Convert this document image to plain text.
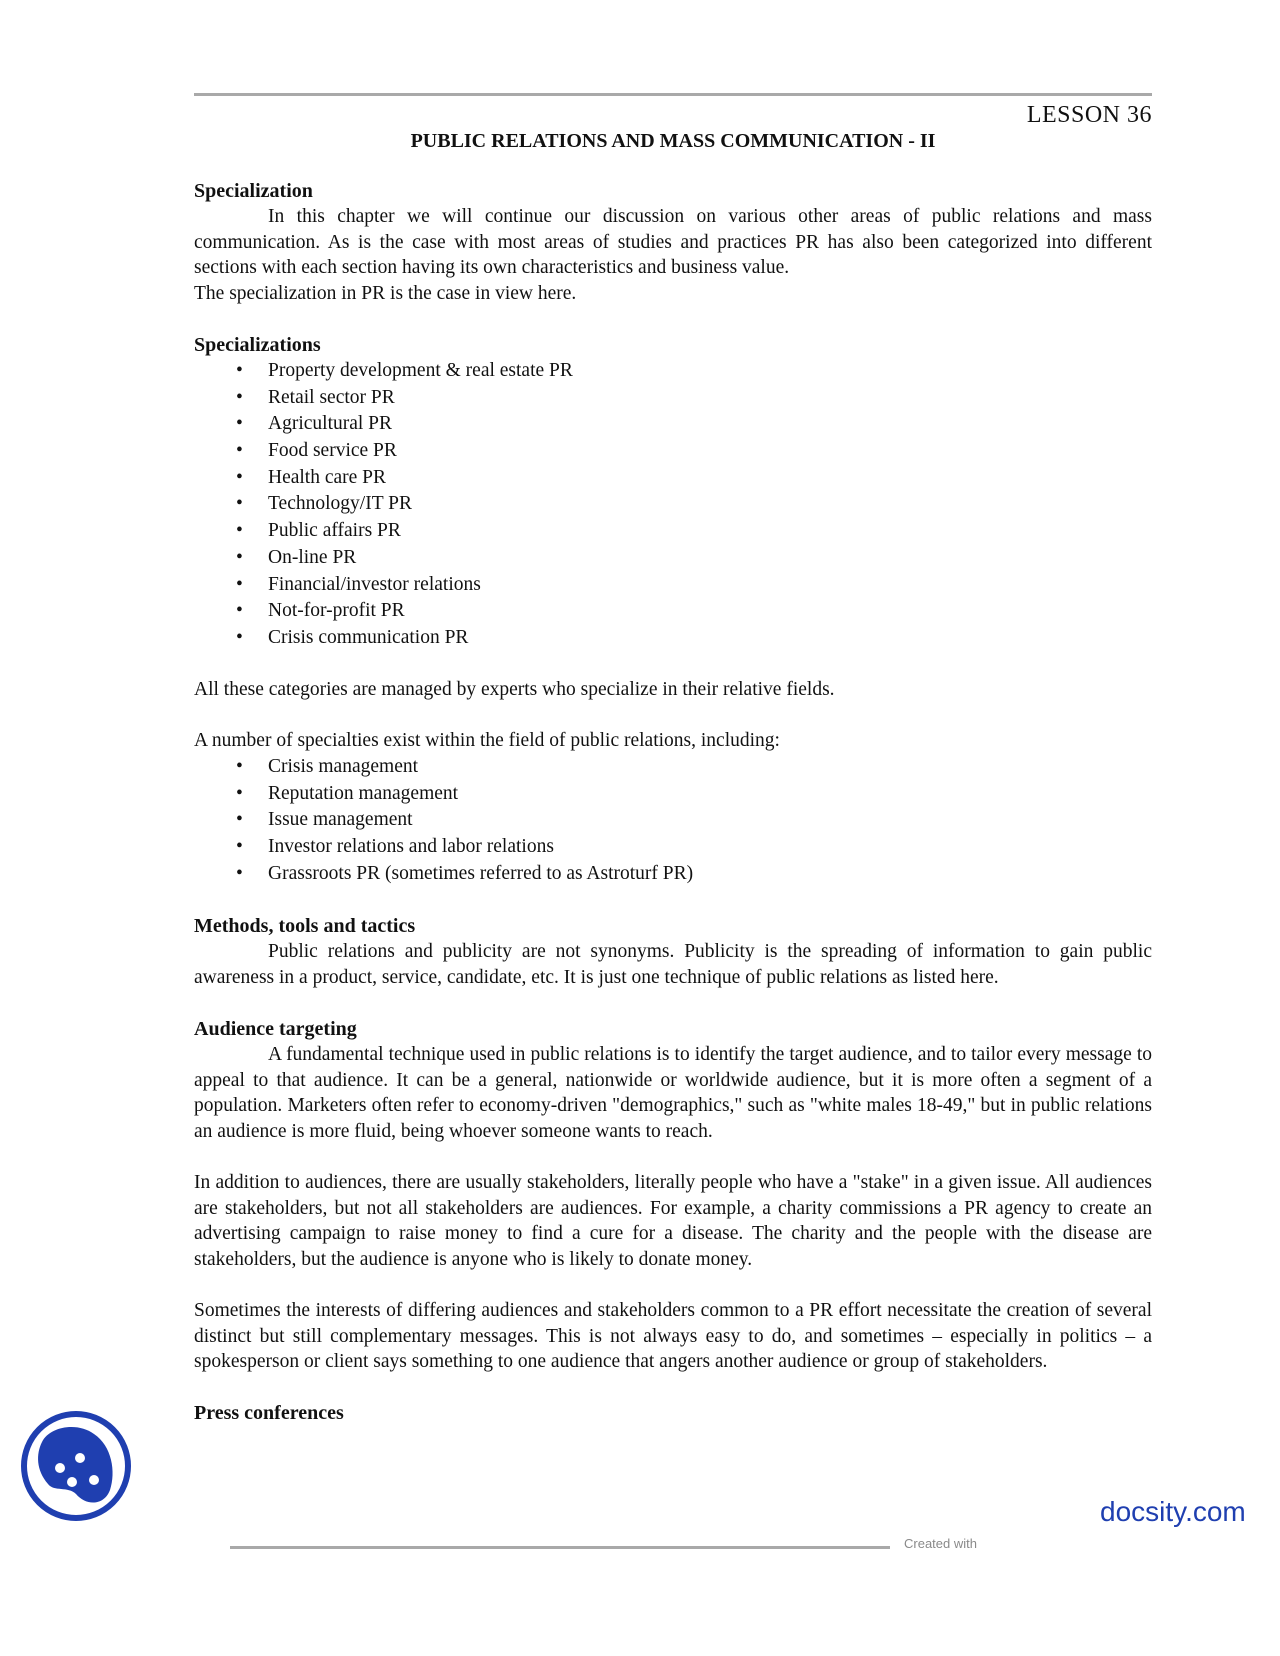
LESSON 36
PUBLIC RELATIONS AND MASS COMMUNICATION - II
Specialization

In this chapter we will continue our discussion on various other areas of public relations and mass communication. As is the case with most areas of studies and practices PR has also been categorized into different sections with each section having its own characteristics and business value.

The specialization in PR is the case in view here.

Specializations
• Property development & real estate PR
• Retail sector PR
• Agricultural PR
• Food service PR
• Health care PR
• Technology/IT PR
• Public affairs PR
• On-line PR
• Financial/investor relations
• Not-for-profit PR
• Crisis communication PR

All these categories are managed by experts who specialize in their relative fields.

A number of specialties exist within the field of public relations, including:

• Crisis management
• Reputation management
• Issue management
• Investor relations and labor relations
• Grassroots PR (sometimes referred to as Astroturf PR)
Methods, tools and tactics

Public relations and publicity are not synonyms. Publicity is the spreading of information to gain public awareness in a product, service, candidate, etc. It is just one technique of public relations as listed here.

Audience targeting

A fundamental technique used in public relations is to identify the target audience, and to tailor every message to appeal to that audience. It can be a general, nationwide or worldwide audience, but it is more often a segment of a population. Marketers often refer to economy-driven "demographics," such as "white males 18-49," but in public relations an audience is more fluid, being whoever someone wants to reach.

In addition to audiences, there are usually stakeholders, literally people who have a "stake" in a given issue. All audiences are stakeholders, but not all stakeholders are audiences. For example, a charity commissions a PR agency to create an advertising campaign to raise money to find a cure for a disease. The charity and the people with the disease are stakeholders, but the audience is anyone who is likely to donate money.

Sometimes the interests of differing audiences and stakeholders common to a PR effort necessitate the creation of several distinct but still complementary messages. This is not always easy to do, and sometimes – especially in politics – a spokesperson or client says something to one audience that angers another audience or group of stakeholders.

Press conferences
Created with
docsity.com
